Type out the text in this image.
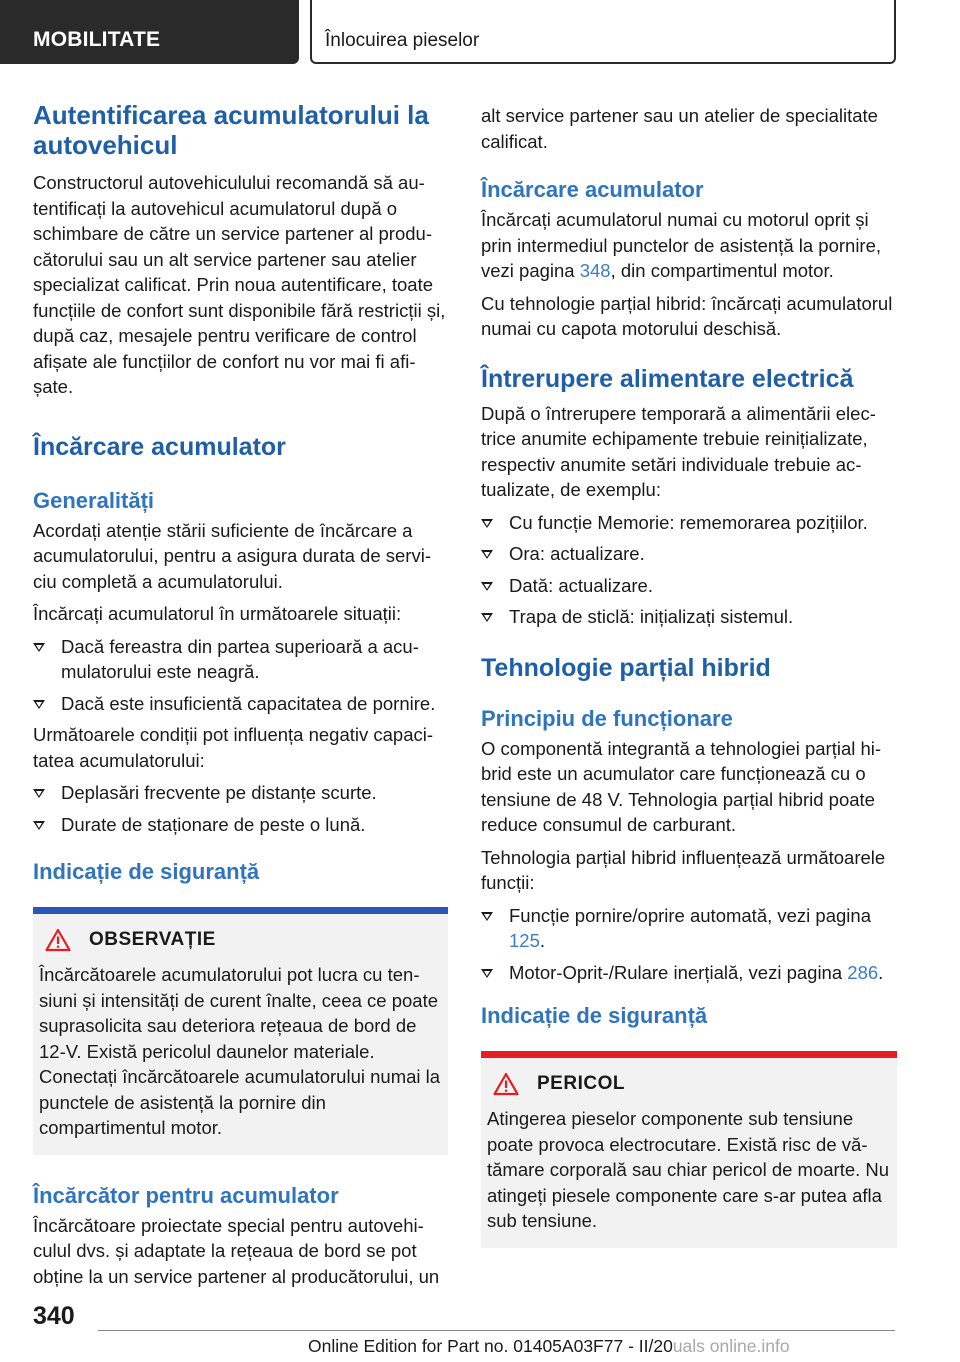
MOBILITATE	Înlocuirea pieselor
Autentificarea acumulatorului la autovehicul

Constructorul autovehiculului recomandă să autentificați la autovehicul acumulatorul după o schimbare de către un service partener al producătorului sau un alt service partener sau atelier specializat calificat. Prin noua autentificare, toate funcțiile de confort sunt disponibile fără restricții și, după caz, mesajele pentru verificare de control afișate ale funcțiilor de confort nu vor mai fi afișate.

Încărcare acumulator
Generalități

Acordați atenție stării suficiente de încărcare a acumulatorului, pentru a asigura durata de serviciu completă a acumulatorului.

Încărcați acumulatorul în următoarele situații:

Dacă fereastra din partea superioară a acumulatorului este neagră.
Dacă este insuficientă capacitatea de pornire.

Următoarele condiții pot influența negativ capacitatea acumulatorului:

Deplasări frecvente pe distanțe scurte.
Durate de staționare de peste o lună.
Indicație de siguranță
OBSERVAȚIE

Încărcătoarele acumulatorului pot lucra cu tensiuni și intensități de curent înalte, ceea ce poate suprasolicita sau deteriora rețeaua de bord de 12-V. Există pericolul daunelor materiale. Conectați încărcătoarele acumulatorului numai la punctele de asistență la pornire din compartimentul motor.

Încărcător pentru acumulator

Încărcătoare proiectate special pentru autovehiculul dvs. și adaptate la rețeaua de bord se pot obține la un service partener al producătorului, un

alt service partener sau un atelier de specialitate calificat.

Încărcare acumulator

Încărcați acumulatorul numai cu motorul oprit și prin intermediul punctelor de asistență la pornire, vezi pagina 348, din compartimentul motor.

Cu tehnologie parțial hibrid: încărcați acumulatorul numai cu capota motorului deschisă.

Întrerupere alimentare electrică

După o întrerupere temporară a alimentării electrice anumite echipamente trebuie reinițializate, respectiv anumite setări individuale trebuie actualizate, de exemplu:

Cu funcție Memorie: rememorarea pozițiilor.
Ora: actualizare.
Dată: actualizare.
Trapa de sticlă: inițializați sistemul.
Tehnologie parțial hibrid
Principiu de funcționare

O componentă integrantă a tehnologiei parțial hibrid este un acumulator care funcționează cu o tensiune de 48 V. Tehnologia parțial hibrid poate reduce consumul de carburant.

Tehnologia parțial hibrid influențează următoarele funcții:

Funcție pornire/oprire automată, vezi pagina 125.
Motor-Oprit-/Rulare inerțială, vezi pagina 286.
Indicație de siguranță
PERICOL

Atingerea pieselor componente sub tensiune poate provoca electrocutare. Există risc de vătămare corporală sau chiar pericol de moarte. Nu atingeți piesele componente care s-ar putea afla sub tensiune.

340
Online Edition for Part no. 01405A03F77 - II/20uals online.info
